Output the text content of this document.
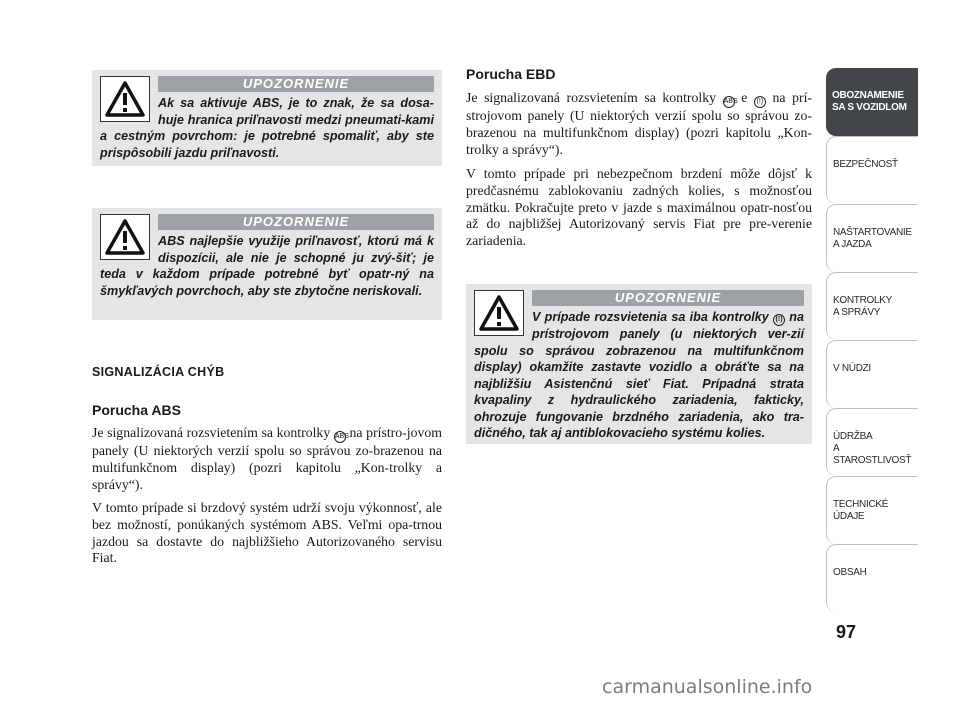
UPOZORNENIE
Ak sa aktivuje ABS, je to znak, že sa dosa-huje hranica priľnavosti medzi pneumati-kami a cestným povrchom: je potrebné spomaliť, aby ste prispôsobili jazdu priľnavosti.
UPOZORNENIE
ABS najlepšie využije priľnavosť, ktorú má k dispozícii, ale nie je schopné ju zvý-šiť; je teda v každom prípade potrebné byť opatr-ný na šmykľavých povrchoch, aby ste zbytočne neriskovali.
SIGNALIZÁCIA CHÝB
Porucha ABS
Je signalizovaná rozsvietením sa kontrolky ABS na prístro-jovom panely (U niektorých verzií spolu so správou zo-brazenou na multifunkčnom display) (pozri kapitolu „Kon-trolky a správy“).
V tomto prípade si brzdový systém udrží svoju výkonnosť, ale bez možností, ponúkaných systémom ABS. Veľmi opa-trnou jazdou sa dostavte do najbližšieho Autorizovaného servisu Fiat.
Porucha EBD
Je signalizovaná rozsvietením sa kontrolky ABS e (!) na prí-strojovom panely (U niektorých verzií spolu so správou zo-brazenou na multifunkčnom display) (pozri kapitolu „Kon-trolky a správy“).
V tomto prípade pri nebezpečnom brzdení môže dôjsť k predčasnému zablokovaniu zadných kolies, s možnosťou zmätku. Pokračujte preto v jazde s maximálnou opatr-nosťou až do najbližšej Autorizovaný servis Fiat pre pre-verenie zariadenia.
UPOZORNENIE
V prípade rozsvietenia sa iba kontrolky (!) na prístrojovom panely (u niektorých ver-zií spolu so správou zobrazenou na multifunkčnom display) okamžite zastavte vozidlo a obráťte sa na najbližšiu Asistenčnú sieť Fiat. Prípadná strata kvapaliny z hydraulického zariadenia, fakticky, ohrozuje fungovanie brzdného zariadenia, ako tra-dičného, tak aj antiblokovacieho systému kolies.
OBOZNAMENIE
SA S VOZIDLOM
BEZPEČNOSŤ
NAŠTARTOVANIE
A JAZDA
KONTROLKY
A SPRÁVY
V NÚDZI
ÚDRŽBA
A STAROSTLIVOSŤ
TECHNICKÉ
ÚDAJE
OBSAH
97
carmanualsonline.info
